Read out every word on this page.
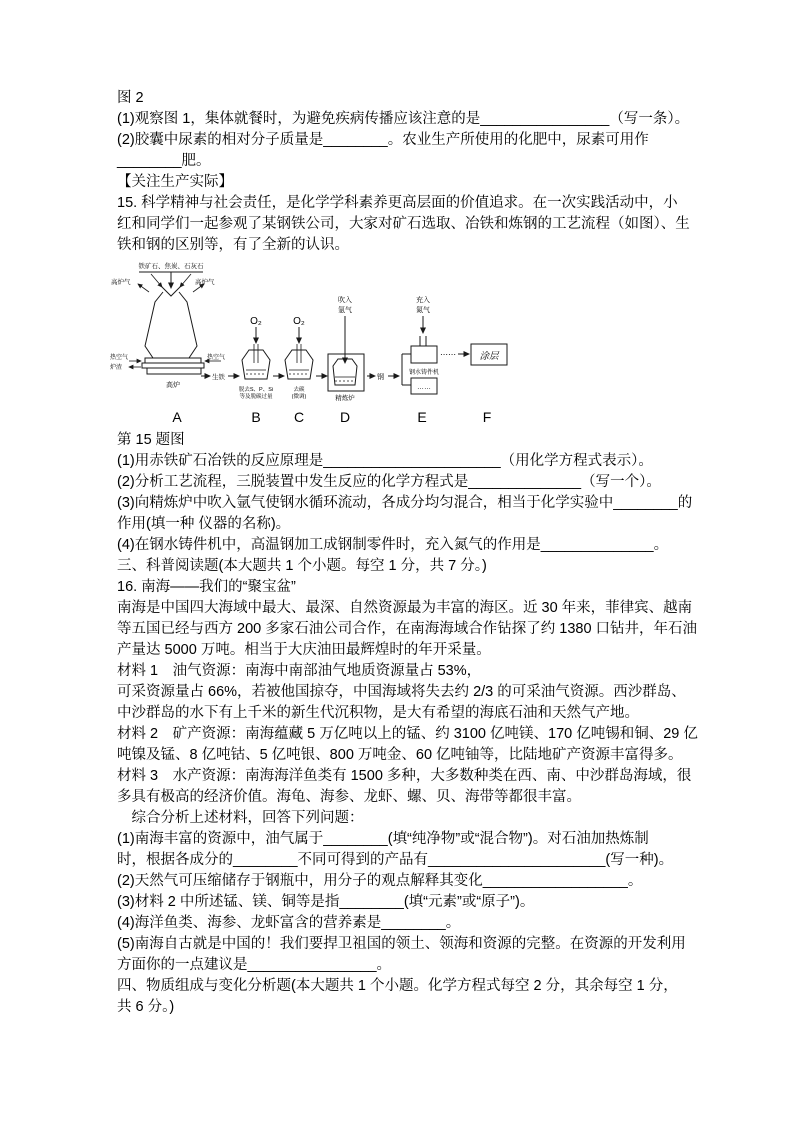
图 2
(1)观察图 1，集体就餐时，为避免疾病传播应该注意的是________________（写一条）。
(2)胶囊中尿素的相对分子质量是________。农业生产所使用的化肥中，尿素可用作
________肥。
【关注生产实际】
15. 科学精神与社会责任，是化学学科素养更高层面的价值追求。在一次实践活动中，小
红和同学们一起参观了某钢铁公司，大家对矿石选取、冶铁和炼钢的工艺流程（如图）、生
铁和钢的区别等，有了全新的认识。
铁矿石、焦炭、石灰石
高炉气	高炉气
热空气
炉渣
热空气
高炉
生铁
O₂
脱去S、P、Si
等及脱碳过量
O₂
去碳
(微调)
吹入
氩气
精炼炉
钢
充入
氮气
钢水铸件机
……
⋯⋯ 涂层
A	B C	D	E	F
第 15 题图
(1)用赤铁矿石冶铁的反应原理是______________________（用化学方程式表示）。
(2)分析工艺流程，三脱装置中发生反应的化学方程式是______________（写一个）。
(3)向精炼炉中吹入氩气使钢水循环流动，各成分均匀混合，相当于化学实验中________的
作用(填一种 仪器的名称)。
(4)在钢水铸件机中，高温钢加工成钢制零件时，充入氮气的作用是______________。
三、科普阅读题(本大题共 1 个小题。每空 1 分，共 7 分。)
16. 南海——我们的“聚宝盆”
南海是中国四大海域中最大、最深、自然资源最为丰富的海区。近 30 年来，菲律宾、越南
等五国已经与西方 200 多家石油公司合作，在南海海域合作钻探了约 1380 口钻井，年石油
产量达 5000 万吨。相当于大庆油田最辉煌时的年开采量。
材料 1　油气资源：南海中南部油气地质资源量占 53%，
可采资源量占 66%，若被他国掠夺，中国海域将失去约 2/3 的可采油气资源。西沙群岛、
中沙群岛的水下有上千米的新生代沉积物，是大有希望的海底石油和天然气产地。
材料 2　矿产资源：南海蕴藏 5 万亿吨以上的锰、约 3100 亿吨镁、170 亿吨锡和铜、29 亿
吨镍及锰、8 亿吨钴、5 亿吨银、800 万吨金、60 亿吨铀等，比陆地矿产资源丰富得多。
材料 3　水产资源：南海海洋鱼类有 1500 多种，大多数种类在西、南、中沙群岛海域，很
多具有极高的经济价值。海龟、海参、龙虾、螺、贝、海带等都很丰富。
　综合分析上述材料，回答下列问题：
(1)南海丰富的资源中，油气属于________(填“纯净物”或“混合物”)。对石油加热炼制
时，根据各成分的________不同可得到的产品有______________________(写一种)。
(2)天然气可压缩储存于钢瓶中，用分子的观点解释其变化__________________。
(3)材料 2 中所述锰、镁、铜等是指________(填“元素”或“原子”)。
(4)海洋鱼类、海参、龙虾富含的营养素是________。
(5)南海自古就是中国的！我们要捍卫祖国的领土、领海和资源的完整。在资源的开发利用
方面你的一点建议是________________。
四、物质组成与变化分析题(本大题共 1 个小题。化学方程式每空 2 分，其余每空 1 分，
共 6 分。)
